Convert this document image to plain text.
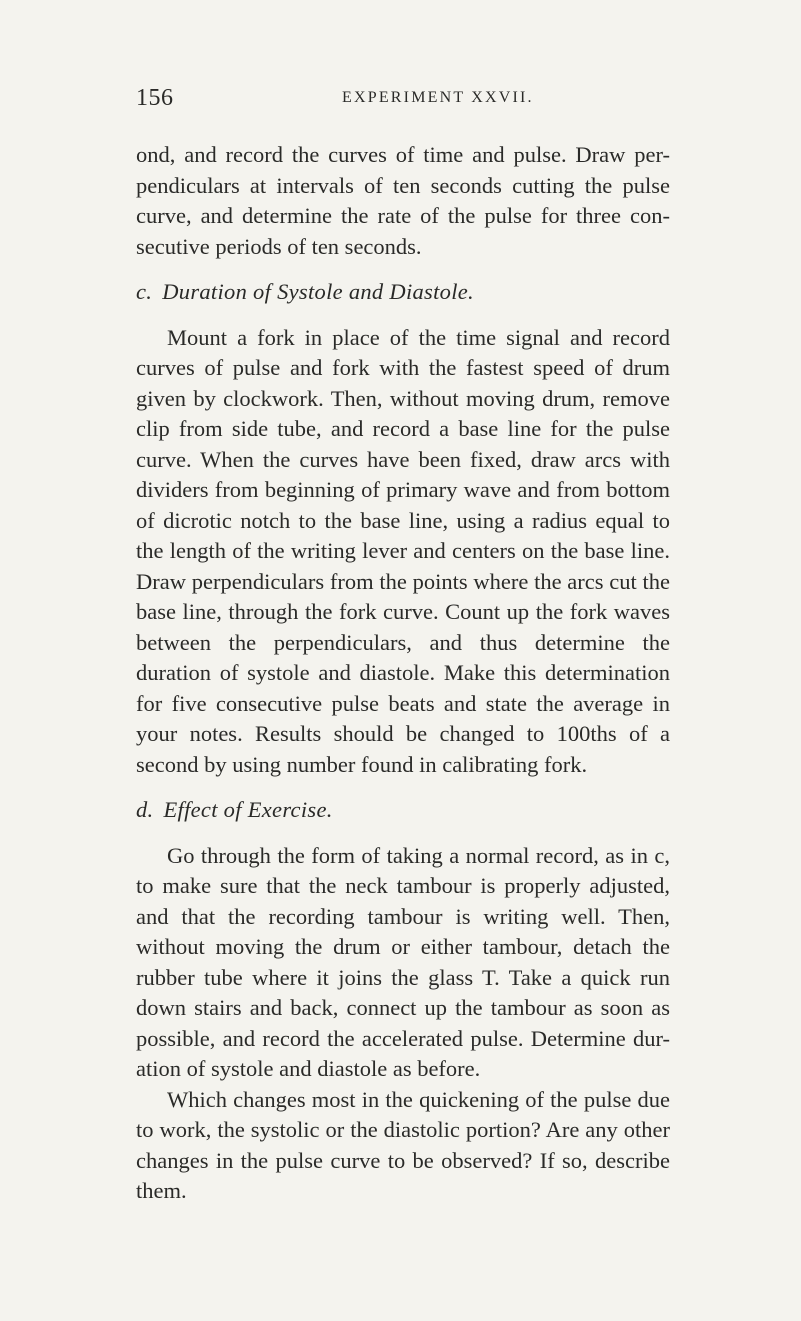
156	EXPERIMENT XXVII.

ond, and record the curves of time and pulse. Draw per-pendiculars at intervals of ten seconds cutting the pulse curve, and determine the rate of the pulse for three con-secutive periods of ten seconds.

c. Duration of Systole and Diastole.

Mount a fork in place of the time signal and record curves of pulse and fork with the fastest speed of drum given by clockwork. Then, without moving drum, remove clip from side tube, and record a base line for the pulse curve. When the curves have been fixed, draw arcs with dividers from beginning of primary wave and from bottom of dicrotic notch to the base line, using a radius equal to the length of the writing lever and centers on the base line. Draw perpendiculars from the points where the arcs cut the base line, through the fork curve. Count up the fork waves between the perpendiculars, and thus determine the duration of systole and diastole. Make this determination for five consecutive pulse beats and state the average in your notes. Results should be changed to 100ths of a second by using number found in calibrating fork.

d. Effect of Exercise.

Go through the form of taking a normal record, as in c, to make sure that the neck tambour is properly adjusted, and that the recording tambour is writing well. Then, without moving the drum or either tambour, detach the rubber tube where it joins the glass T. Take a quick run down stairs and back, connect up the tambour as soon as possible, and record the accelerated pulse. Determine dur-ation of systole and diastole as before.

Which changes most in the quickening of the pulse due to work, the systolic or the diastolic portion? Are any other changes in the pulse curve to be observed? If so, describe them.
